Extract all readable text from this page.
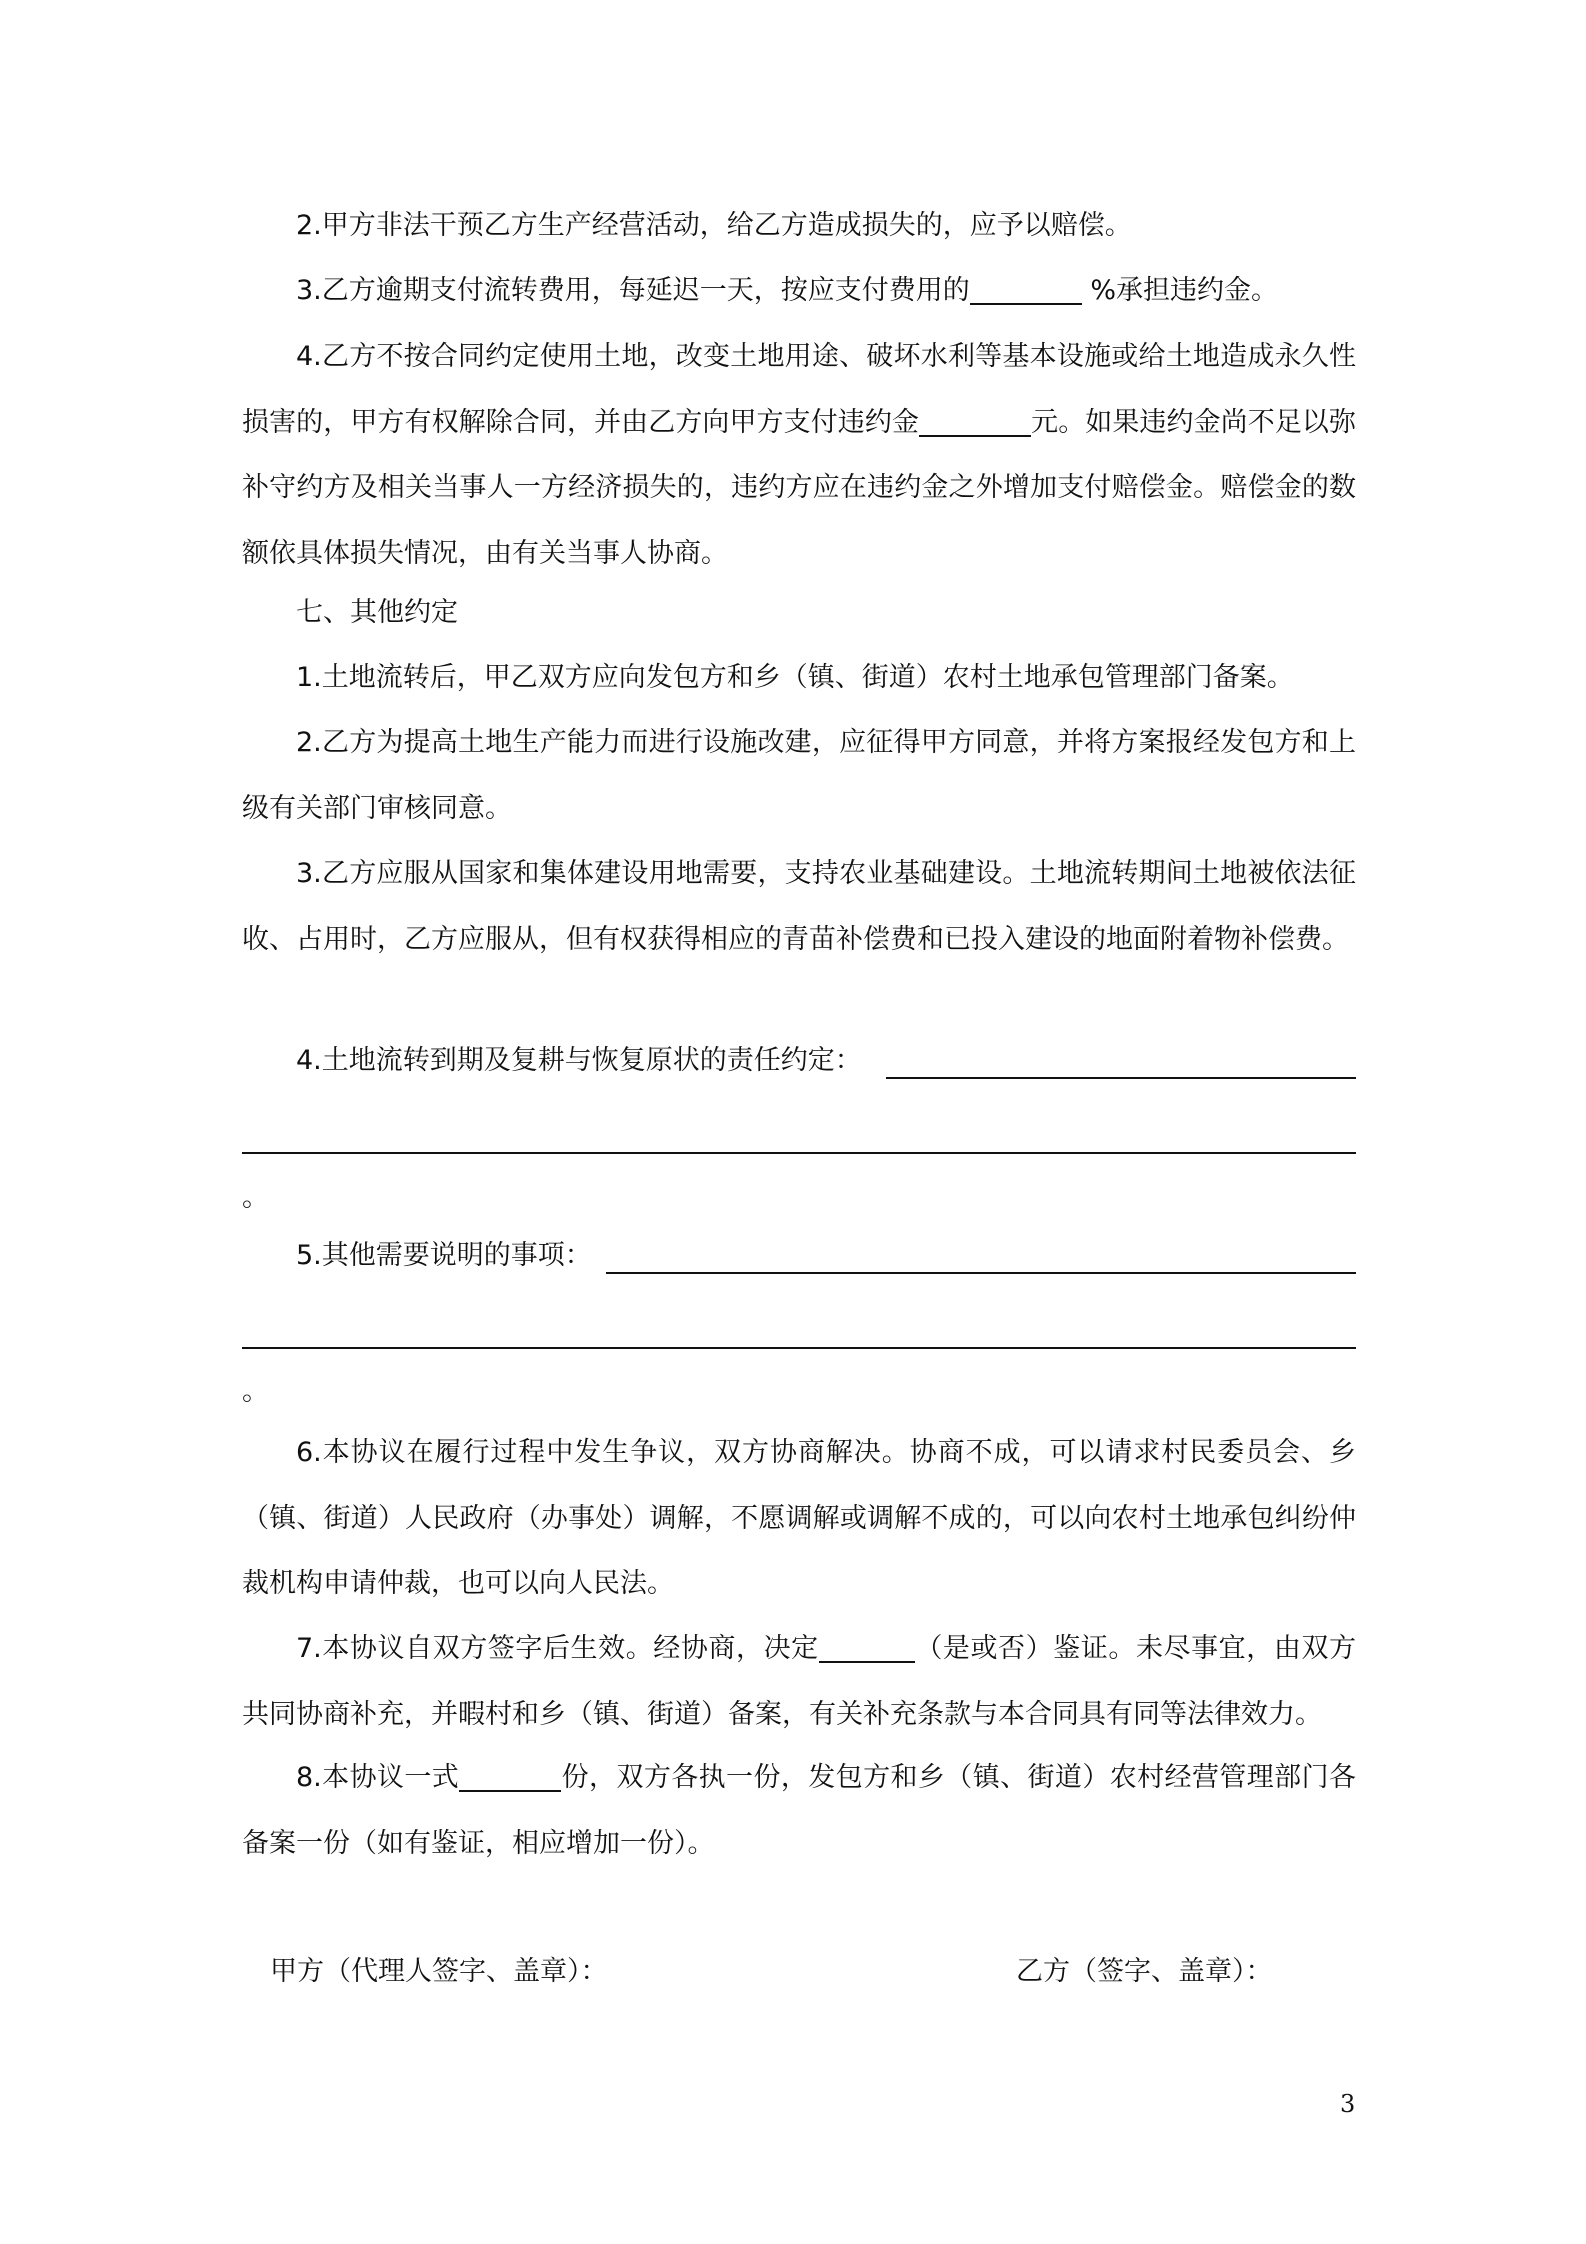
2.甲方非法干预乙方生产经营活动，给乙方造成损失的，应予以赔偿。

3.乙方逾期支付流转费用，每延迟一天，按应支付费用的	%承担违约金。

4.乙方不按合同约定使用土地，改变土地用途、破坏水利等基本设施或给土地造成永久性损害的，甲方有权解除合同，并由乙方向甲方支付违约金	元。如果违约金尚不足以弥补守约方及相关当事人一方经济损失的，违约方应在违约金之外增加支付赔偿金。赔偿金的数额依具体损失情况，由有关当事人协商。

七、其他约定

1.土地流转后，甲乙双方应向发包方和乡（镇、街道）农村土地承包管理部门备案。

2.乙方为提高土地生产能力而进行设施改建，应征得甲方同意，并将方案报经发包方和上级有关部门审核同意。

3.乙方应服从国家和集体建设用地需要，支持农业基础建设。土地流转期间土地被依法征收、占用时，乙方应服从，但有权获得相应的青苗补偿费和已投入建设的地面附着物补偿费。

4.土地流转到期及复耕与恢复原状的责任约定：
。
5.其他需要说明的事项：
。

6.本协议在履行过程中发生争议，双方协商解决。协商不成，可以请求村民委员会、乡（镇、街道）人民政府（办事处）调解，不愿调解或调解不成的，可以向农村土地承包纠纷仲裁机构申请仲裁，也可以向人民法。

7.本协议自双方签字后生效。经协商，决定	（是或否）鉴证。未尽事宜，由双方共同协商补充，并暇村和乡（镇、街道）备案，有关补充条款与本合同具有同等法律效力。

8.本协议一式	份，双方各执一份，发包方和乡（镇、街道）农村经营管理部门各备案一份（如有鉴证，相应增加一份）。

甲方（代理人签字、盖章）：	乙方（签字、盖章）：
3
